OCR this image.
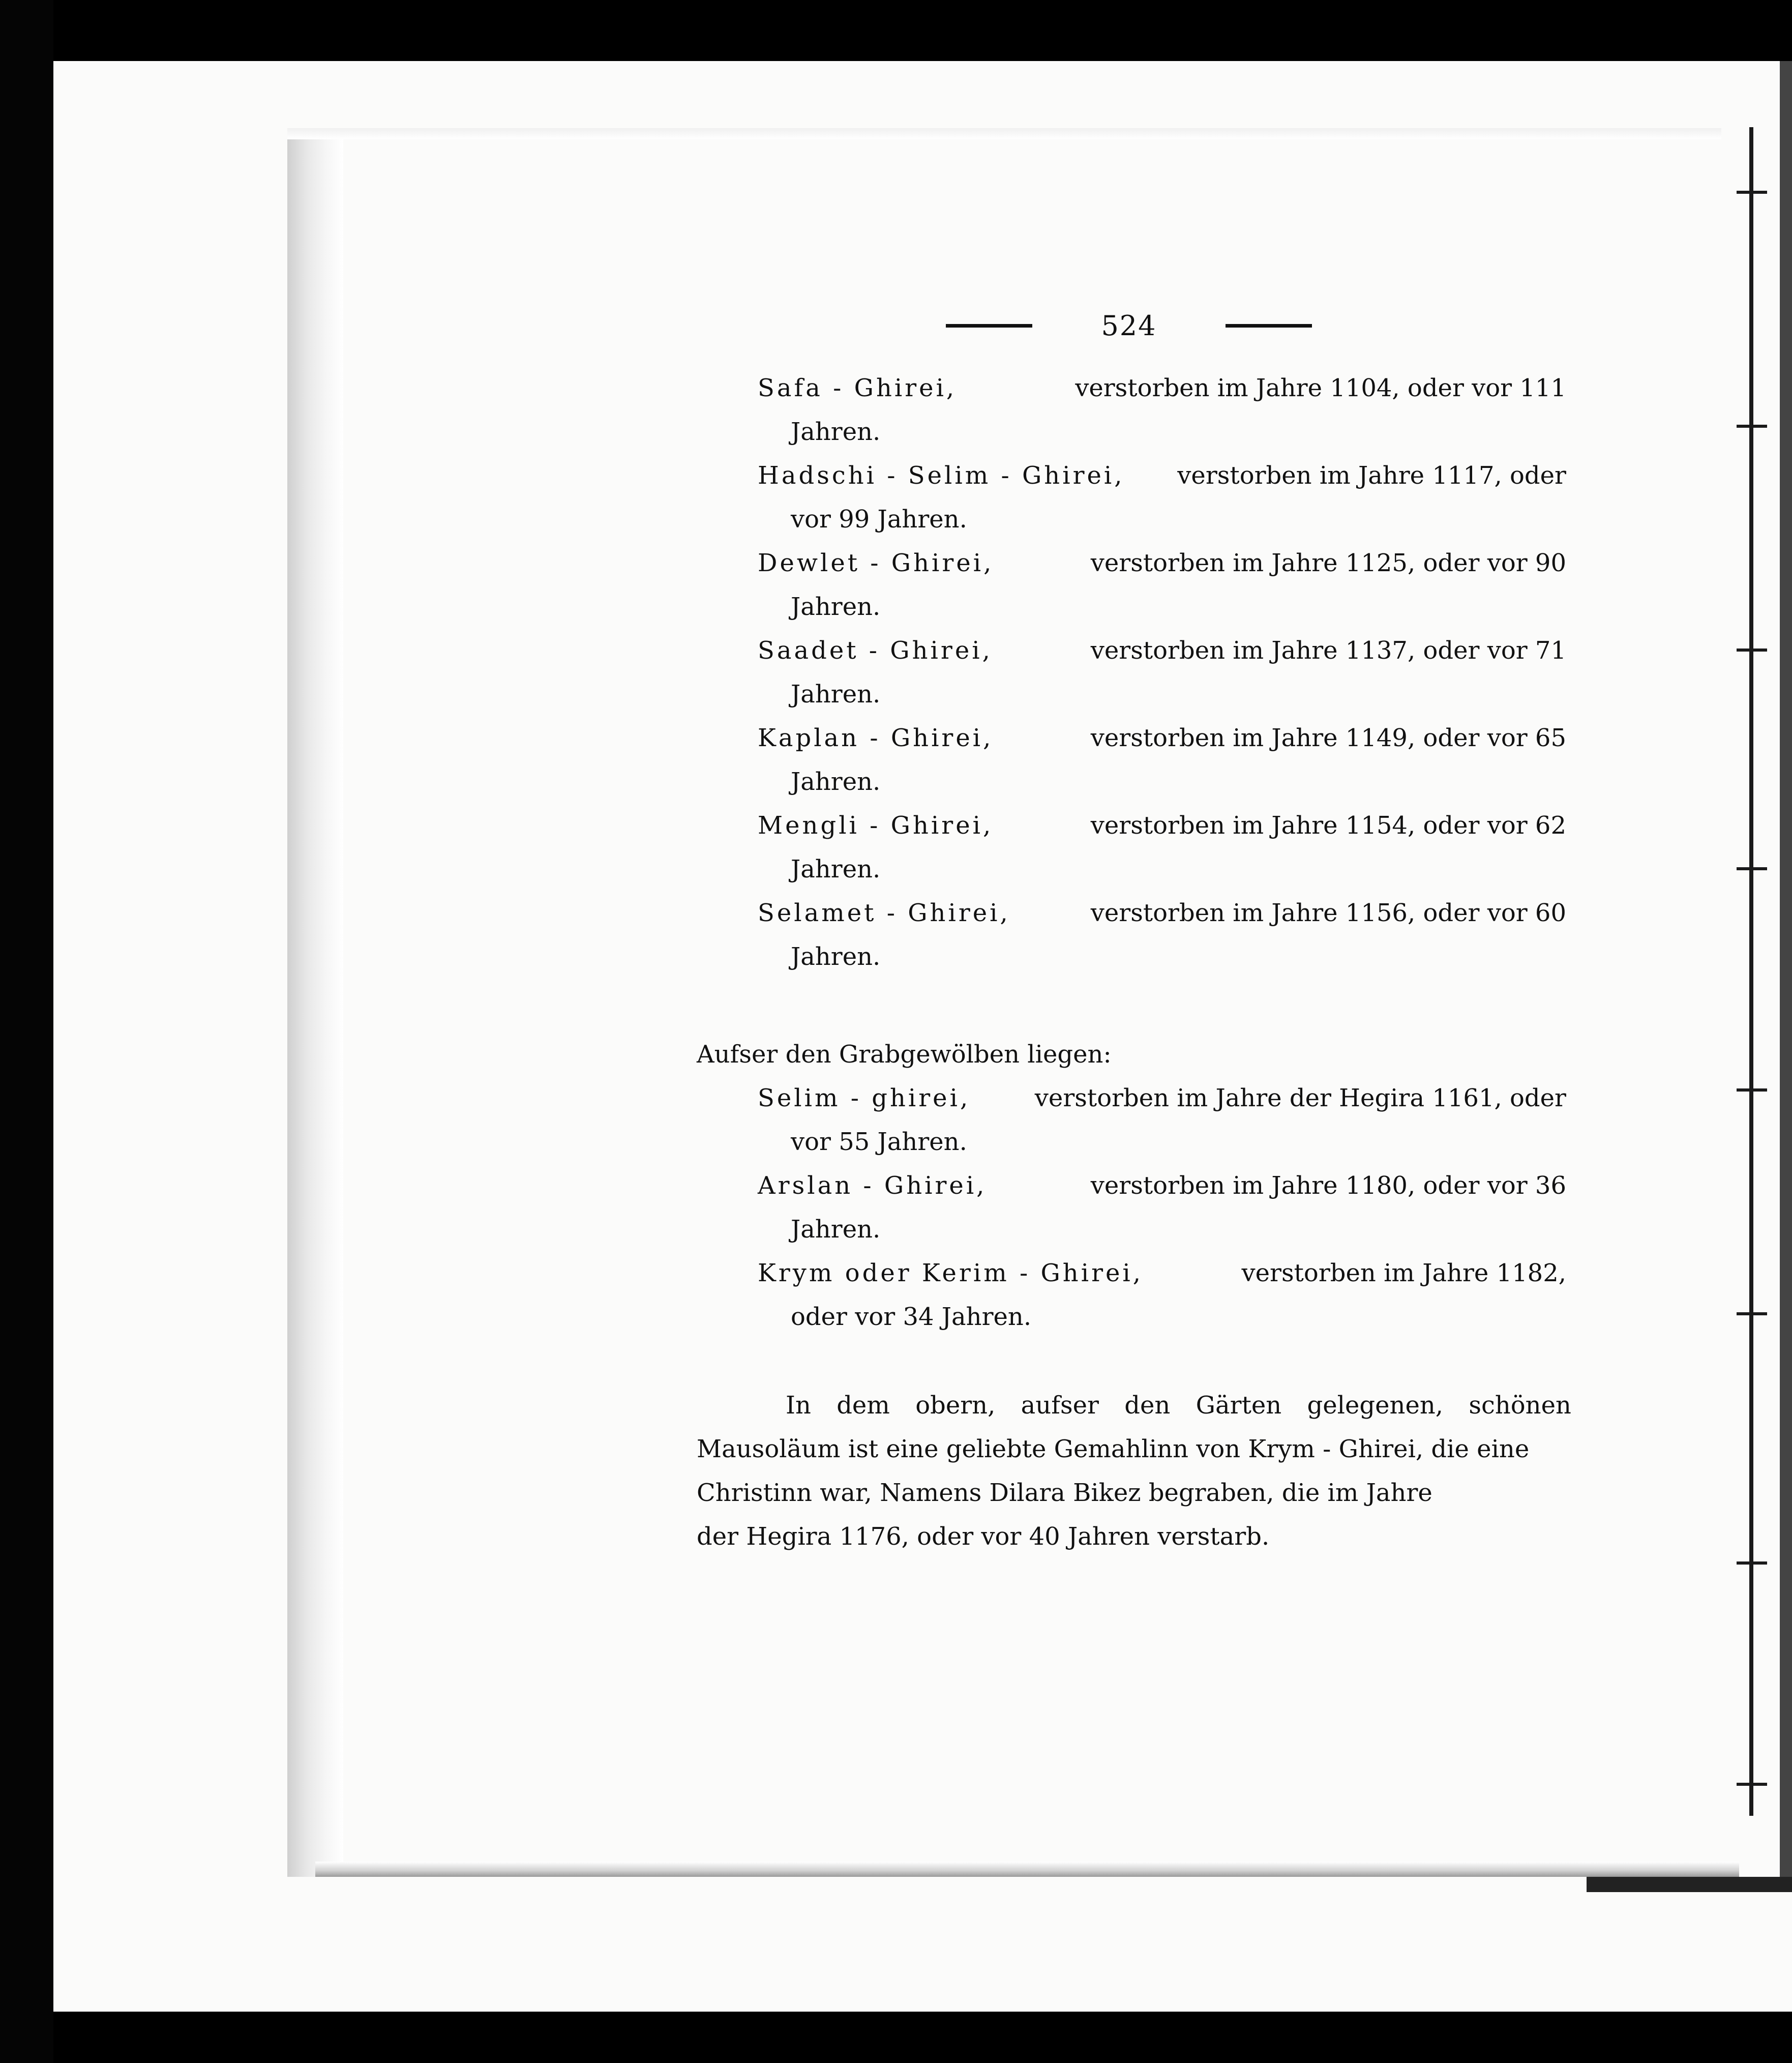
524
Safa - Ghirei,	verstorben im Jahre 1104, oder vor 111
Jahren.
Hadschi - Selim - Ghirei, verstorben im Jahre 1117, oder
vor 99 Jahren.
Dewlet - Ghirei,	verstorben im Jahre 1125, oder vor 90
Jahren.
Saadet - Ghirei,	verstorben im Jahre 1137, oder vor 71
Jahren.
Kaplan - Ghirei,	verstorben im Jahre 1149, oder vor 65
Jahren.
Mengli - Ghirei,	verstorben im Jahre 1154, oder vor 62
Jahren.
Selamet - Ghirei,	verstorben im Jahre 1156, oder vor 60
Jahren.
Aufser den Grabgewölben liegen:
Selim - ghirei,	verstorben im Jahre der Hegira 1161, oder
vor 55 Jahren.
Arslan - Ghirei,	verstorben im Jahre 1180, oder vor 36
Jahren.
Krym oder Kerim - Ghirei,	verstorben im Jahre 1182,
oder vor 34 Jahren.
In dem obern, aufser den Gärten gelegenen, schönen
Mausoläum ist eine geliebte Gemahlinn von Krym - Ghirei, die eine
Christinn war, Namens Dilara Bikez begraben, die im Jahre
der Hegira 1176, oder vor 40 Jahren verstarb.
